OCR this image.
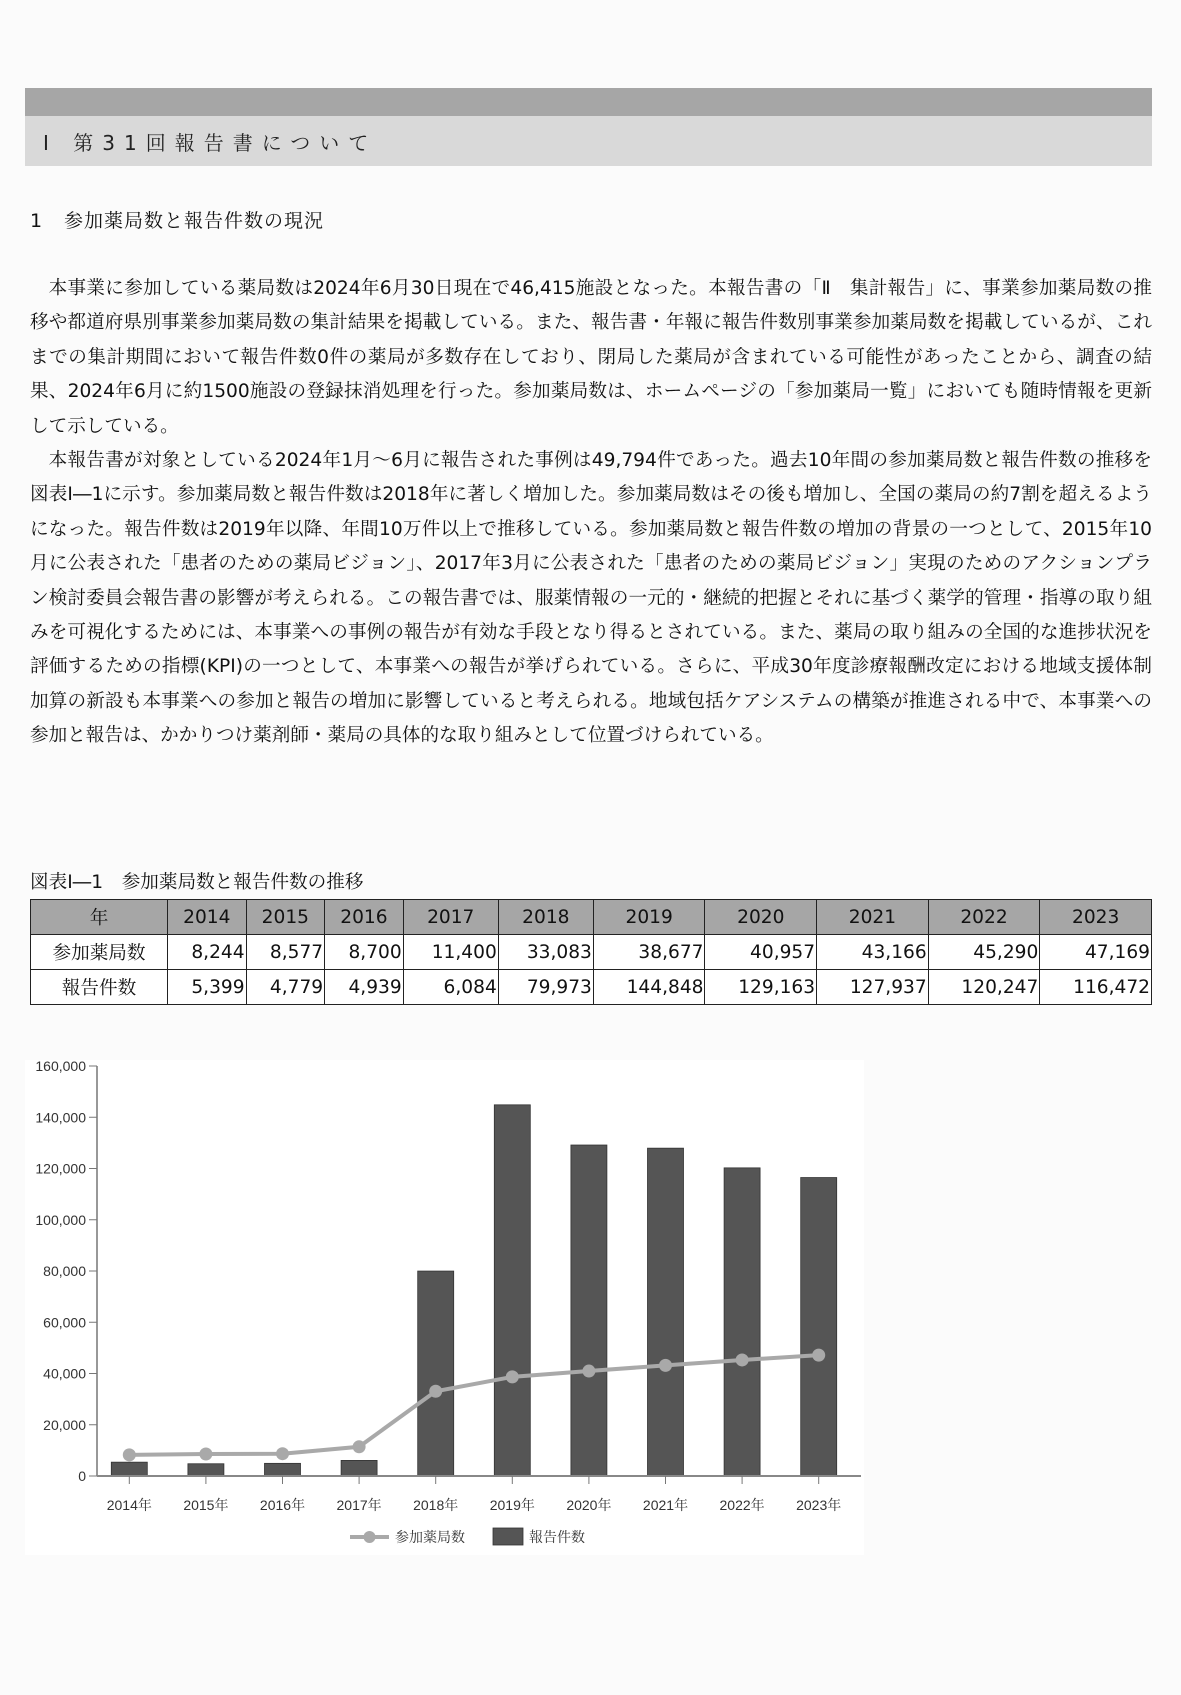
Ⅰ 第31回報告書について
1 参加薬局数と報告件数の現況

本事業に参加している薬局数は2024年6月30日現在で46,415施設となった。本報告書の「Ⅱ　集計報告」に、事業参加薬局数の推移や都道府県別事業参加薬局数の集計結果を掲載している。また、報告書・年報に報告件数別事業参加薬局数を掲載しているが、これまでの集計期間において報告件数0件の薬局が多数存在しており、閉局した薬局が含まれている可能性があったことから、調査の結果、2024年6月に約1500施設の登録抹消処理を行った。参加薬局数は、ホームページの「参加薬局一覧」においても随時情報を更新して示している。

本報告書が対象としている2024年1月～6月に報告された事例は49,794件であった。過去10年間の参加薬局数と報告件数の推移を図表Ⅰ―1に示す。参加薬局数と報告件数は2018年に著しく増加した。参加薬局数はその後も増加し、全国の薬局の約7割を超えるようになった。報告件数は2019年以降、年間10万件以上で推移している。参加薬局数と報告件数の増加の背景の一つとして、2015年10月に公表された「患者のための薬局ビジョン」、2017年3月に公表された「患者のための薬局ビジョン」実現のためのアクションプラン検討委員会報告書の影響が考えられる。この報告書では、服薬情報の一元的・継続的把握とそれに基づく薬学的管理・指導の取り組みを可視化するためには、本事業への事例の報告が有効な手段となり得るとされている。また、薬局の取り組みの全国的な進捗状況を評価するための指標(KPI)の一つとして、本事業への報告が挙げられている。さらに、平成30年度診療報酬改定における地域支援体制加算の新設も本事業への参加と報告の増加に影響していると考えられる。地域包括ケアシステムの構築が推進される中で、本事業への参加と報告は、かかりつけ薬剤師・薬局の具体的な取り組みとして位置づけられている。

図表Ⅰ―1　参加薬局数と報告件数の推移
年	2014	2015	2016	2017	2018	2019	2020	2021	2022	2023
参加薬局数	8,244	8,577	8,700	11,400	33,083	38,677	40,957	43,166	45,290	47,169
報告件数	5,399	4,779	4,939	6,084	79,973	144,848	129,163	127,937	120,247	116,472
0
20,000
40,000
60,000
80,000
100,000
120,000
140,000
160,000
2014年 2015年 2016年 2017年 2018年 2019年 2020年 2021年 2022年 2023年
参加薬局数	報告件数
